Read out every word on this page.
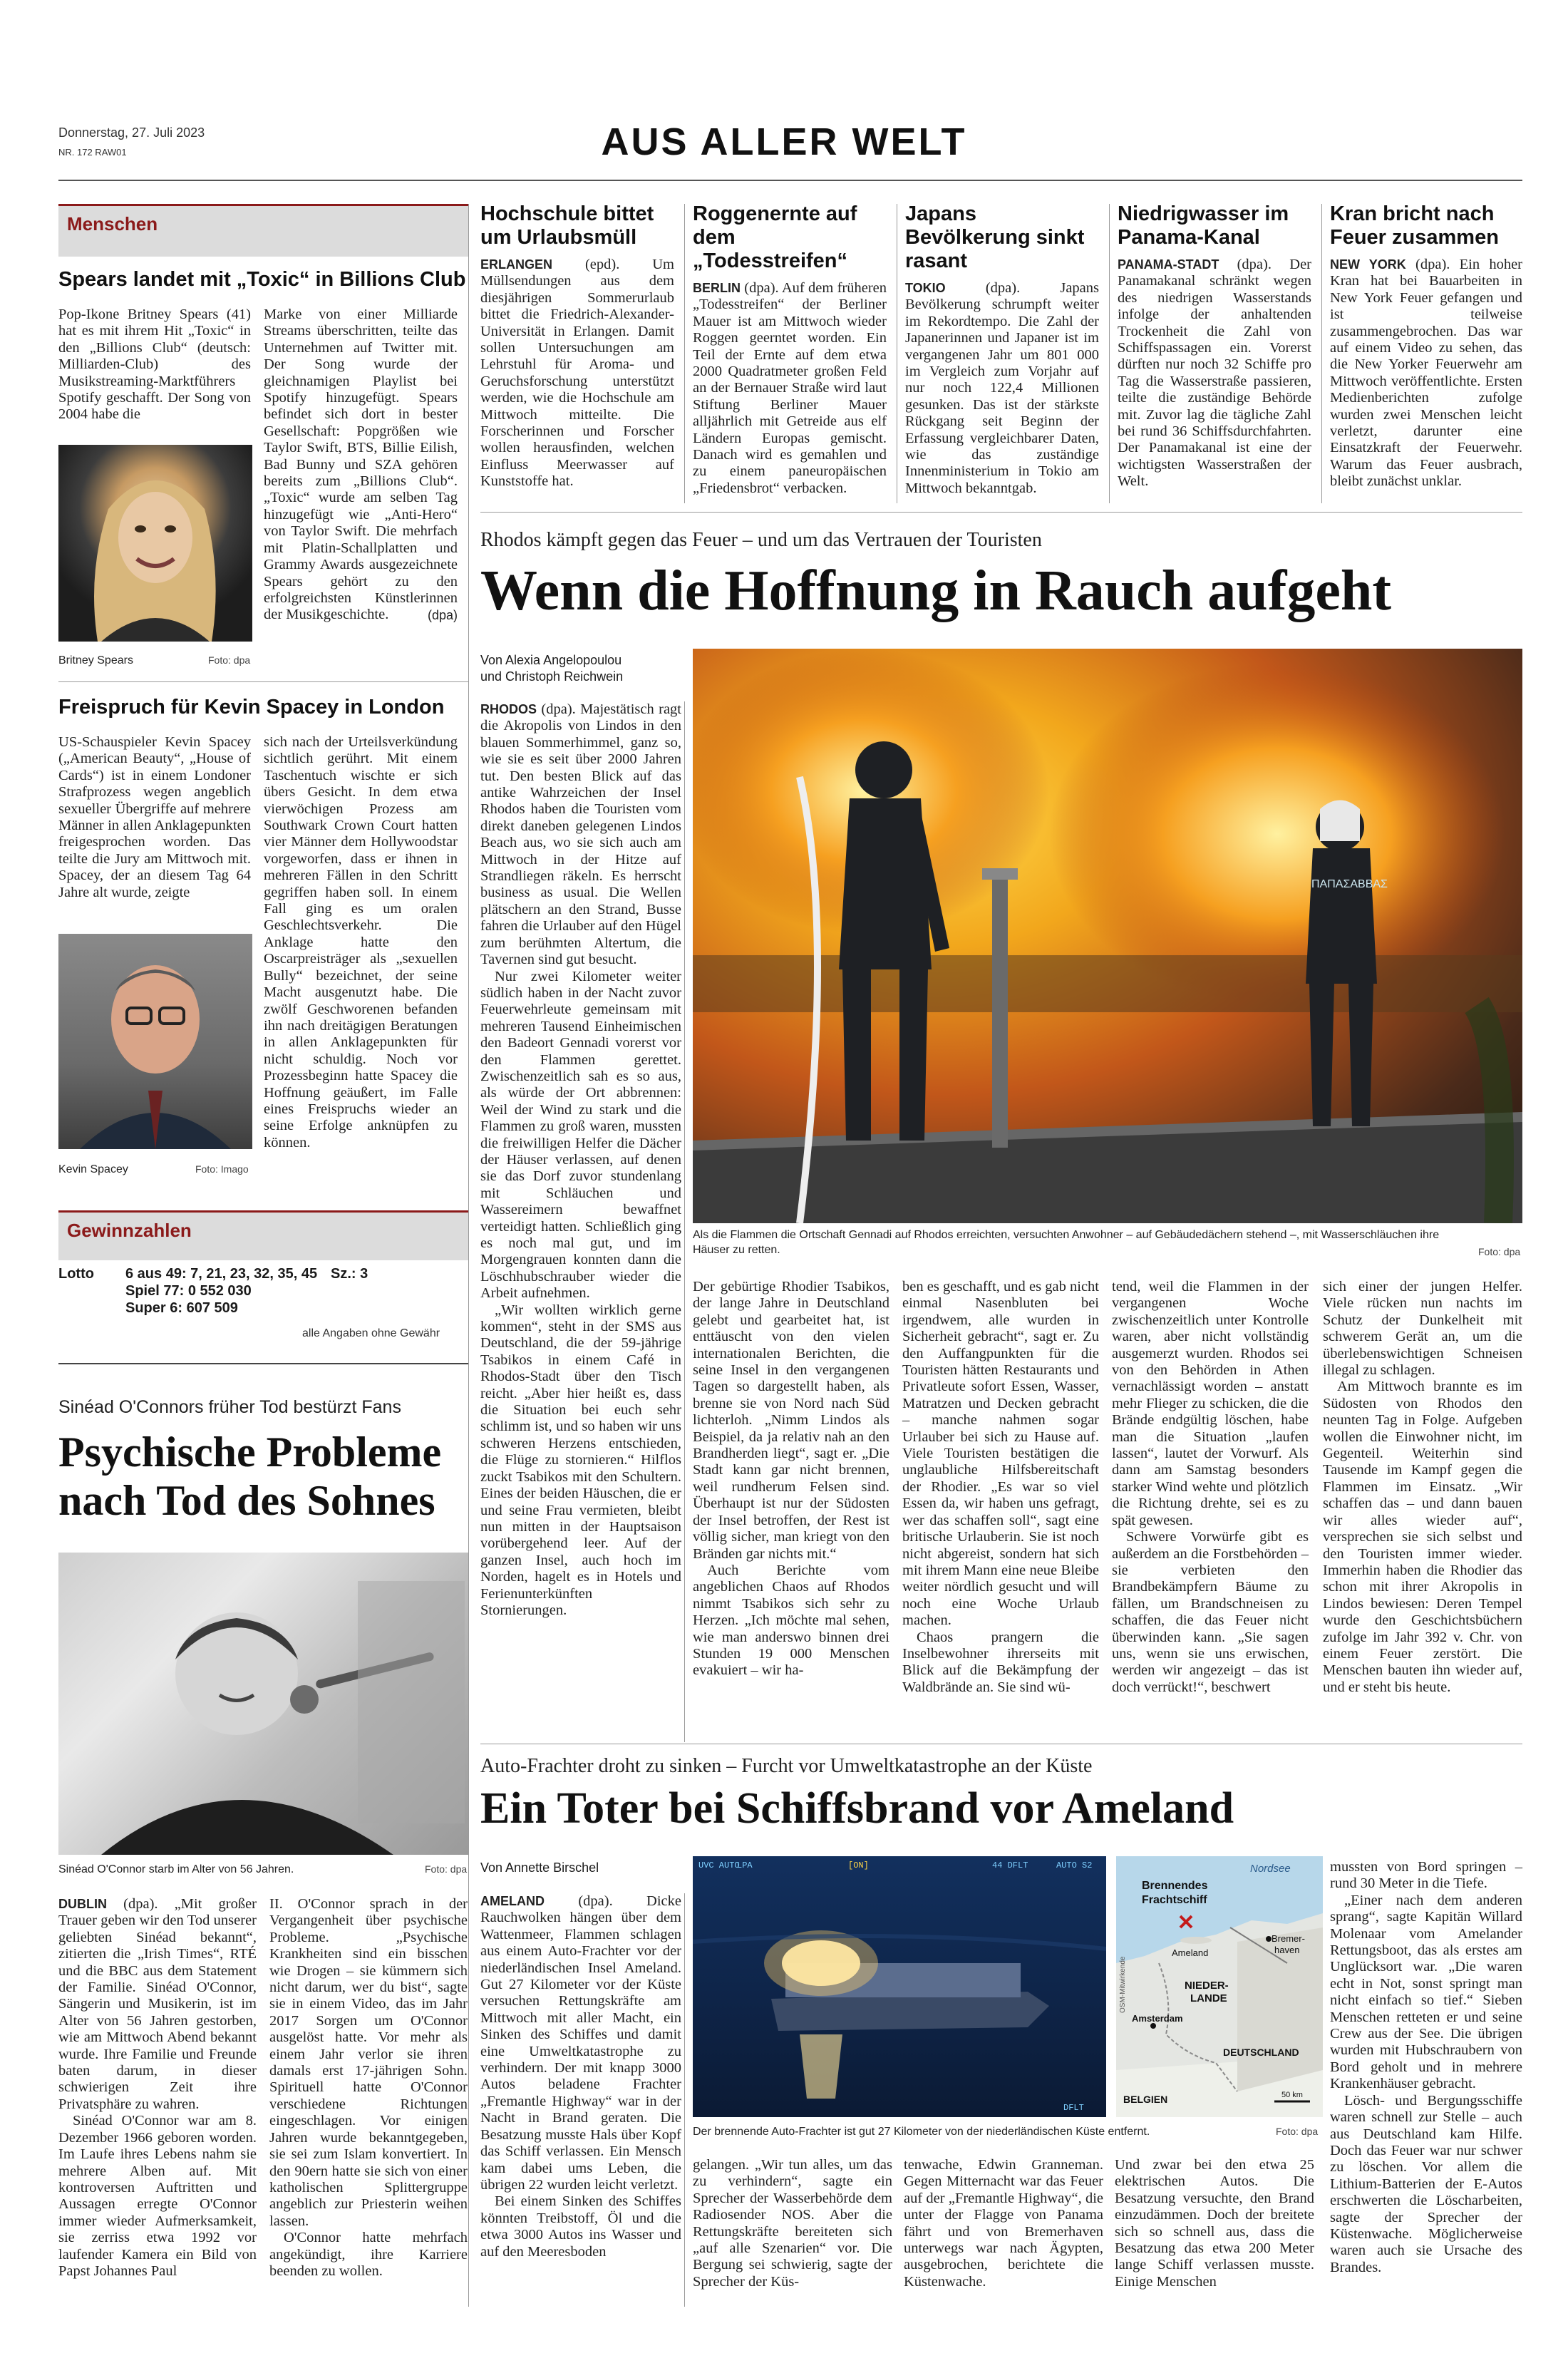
Donnerstag, 27. Juli 2023
NR. 172 RAW01	AUS ALLER WELT
Menschen
Spears landet mit „Toxic“ in Billions Club

Pop-Ikone Britney Spears (41) hat es mit ihrem Hit „Toxic“ in den „Billions Club“ (deutsch: Milliarden-Club) des Musikstreaming-Marktführers Spotify geschafft. Der Song von 2004 habe die

Marke von einer Milliarde Streams überschritten, teilte das Unternehmen auf Twitter mit. Der Song wurde der gleichnamigen Playlist bei Spotify hinzugefügt. Spears befindet sich dort in bester Gesellschaft: Popgrößen wie Taylor Swift, BTS, Billie Eilish, Bad Bunny und SZA gehören bereits zum „Billions Club“. „Toxic“ wurde am selben Tag hinzugefügt wie „Anti-Hero“ von Taylor Swift. Die mehrfach mit Platin-Schallplatten und Grammy Awards ausgezeichnete Spears gehört zu den erfolgreichsten Künstlerinnen der Musikgeschichte.	(dpa)
Britney Spears	Foto: dpa
Freispruch für Kevin Spacey in London

US-Schauspieler Kevin Spacey („American Beauty“, „House of Cards“) ist in einem Londoner Strafprozess wegen angeblich sexueller Übergriffe auf mehrere Männer in allen Anklagepunkten freigesprochen worden. Das teilte die Jury am Mittwoch mit. Spacey, der an diesem Tag 64 Jahre alt wurde, zeigte

sich nach der Urteilsverkündung sichtlich gerührt. Mit einem Taschentuch wischte er sich übers Gesicht. In dem etwa vierwöchigen Prozess am Southwark Crown Court hatten vier Männer dem Hollywoodstar vorgeworfen, dass er ihnen in mehreren Fällen in den Schritt gegriffen haben soll. In einem Fall ging es um oralen Geschlechtsverkehr. Die Anklage hatte den Oscarpreisträger als „sexuellen Bully“ bezeichnet, der seine Macht ausgenutzt habe. Die zwölf Geschworenen befanden ihn nach dreitägigen Beratungen in allen Anklagepunkten für nicht schuldig. Noch vor Prozessbeginn hatte Spacey die Hoffnung geäußert, im Falle eines Freispruchs wieder an seine Erfolge anknüpfen zu können.

Kevin Spacey	Foto: Imago
Gewinnzahlen
Lotto 6 aus 49: 7, 21, 23, 32, 35, 45 Sz.: 3
Spiel 77: 0 552 030
Super 6: 607 509
alle Angaben ohne Gewähr
Sinéad O'Connors früher Tod bestürzt Fans
Psychische Probleme
nach Tod des Sohnes
Sinéad O'Connor starb im Alter von 56 Jahren.	Foto: dpa

DUBLIN (dpa). „Mit großer Trauer geben wir den Tod unserer geliebten Sinéad bekannt“, zitierten die „Irish Times“, RTÉ und die BBC aus dem Statement der Familie. Sinéad O'Connor, Sängerin und Musikerin, ist im Alter von 56 Jahren gestorben, wie am Mittwoch Abend bekannt wurde. Ihre Familie und Freunde baten darum, in dieser schwierigen Zeit ihre Privatsphäre zu wahren.

Sinéad O'Connor war am 8. Dezember 1966 geboren worden. Im Laufe ihres Lebens nahm sie mehrere Alben auf. Mit kontroversen Auftritten und Aussagen erregte O'Connor immer wieder Aufmerksamkeit, sie zerriss etwa 1992 vor laufender Kamera ein Bild von Papst Johannes Paul

II. O'Connor sprach in der Vergangenheit über psychische Probleme. „Psychische Krankheiten sind ein bisschen wie Drogen – sie kümmern sich nicht darum, wer du bist“, sagte sie in einem Video, das im Jahr 2017 Sorgen um O'Connor ausgelöst hatte. Vor mehr als einem Jahr verlor sie ihren damals erst 17-jährigen Sohn. Spirituell hatte O'Connor verschiedene Richtungen eingeschlagen. Vor einigen Jahren wurde bekanntgegeben, sie sei zum Islam konvertiert. In den 90ern hatte sie sich von einer katholischen Splittergruppe angeblich zur Priesterin weihen lassen.

O'Connor hatte mehrfach angekündigt, ihre Karriere beenden zu wollen.

Hochschule bittet um Urlaubsmüll

ERLANGEN (epd). Um Müllsendungen aus dem diesjährigen Sommerurlaub bittet die Friedrich-Alexander-Universität in Erlangen. Damit sollen Untersuchungen am Lehrstuhl für Aroma- und Geruchsforschung unterstützt werden, wie die Hochschule am Mittwoch mitteilte. Die Forscherinnen und Forscher wollen herausfinden, welchen Einfluss Meerwasser auf Kunststoffe hat.

Roggenernte auf dem „Todesstreifen“

BERLIN (dpa). Auf dem früheren „Todesstreifen“ der Berliner Mauer ist am Mittwoch wieder Roggen geerntet worden. Ein Teil der Ernte auf dem etwa 2000 Quadratmeter großen Feld an der Bernauer Straße wird laut Stiftung Berliner Mauer alljährlich mit Getreide aus elf Ländern Europas gemischt. Danach wird es gemahlen und zu einem paneuropäischen „Friedensbrot“ verbacken.

Japans Bevölkerung sinkt rasant

TOKIO	(dpa). Japans Bevölkerung schrumpft weiter im Rekordtempo. Die Zahl der Japanerinnen und Japaner ist im vergangenen Jahr um 801 000 im Vergleich zum Vorjahr auf nur noch 122,4 Millionen gesunken. Das ist der stärkste Rückgang seit Beginn der Erfassung vergleichbarer Daten, wie das zuständige Innenministerium in Tokio am Mittwoch bekanntgab.

Niedrigwasser im Panama-Kanal

PANAMA-STADT (dpa). Der Panamakanal schränkt wegen des niedrigen Wasserstands infolge der anhaltenden Trockenheit die Zahl von Schiffspassagen ein. Vorerst dürften nur noch 32 Schiffe pro Tag die Wasserstraße passieren, teilte die zuständige Behörde mit. Zuvor lag die tägliche Zahl bei rund 36 Schiffsdurchfahrten. Der Panamakanal ist eine der wichtigsten Wasserstraßen der Welt.

Kran bricht nach Feuer zusammen

NEW YORK (dpa). Ein hoher Kran hat bei Bauarbeiten in New York Feuer gefangen und ist teilweise zusammengebrochen. Das war auf einem Video zu sehen, das die New Yorker Feuerwehr am Mittwoch veröffentlichte. Ersten Medienberichten zufolge wurden zwei Menschen leicht verletzt, darunter eine Einsatzkraft der Feuerwehr. Warum das Feuer ausbrach, bleibt zunächst unklar.

Rhodos kämpft gegen das Feuer – und um das Vertrauen der Touristen
Wenn die Hoffnung in Rauch aufgeht
Von Alexia Angelopoulou
und Christoph Reichwein

RHODOS (dpa). Majestätisch ragt die Akropolis von Lindos in den blauen Sommerhimmel, ganz so, wie sie es seit über 2000 Jahren tut. Den besten Blick auf das antike Wahrzeichen der Insel Rhodos haben die Touristen vom direkt daneben gelegenen Lindos Beach aus, wo sie sich auch am Mittwoch in der Hitze auf Strandliegen räkeln. Es herrscht business as usual. Die Wellen plätschern an den Strand, Busse fahren die Urlauber auf den Hügel zum berühmten Altertum, die Tavernen sind gut besucht.

Nur zwei Kilometer weiter südlich haben in der Nacht zuvor Feuerwehrleute gemeinsam mit mehreren Tausend Einheimischen den Badeort Gennadi vorerst vor den Flammen gerettet. Zwischenzeitlich sah es so aus, als würde der Ort abbrennen: Weil der Wind zu stark und die Flammen zu groß waren, mussten die freiwilligen Helfer die Dächer der Häuser verlassen, auf denen sie das Dorf zuvor stundenlang mit Schläuchen und Wassereimern bewaffnet verteidigt hatten. Schließlich ging es noch mal gut, und im Morgengrauen konnten dann die Löschhubschrauber wieder die Arbeit aufnehmen.

„Wir wollten wirklich gerne kommen“, steht in der SMS aus Deutschland, die der 59-jährige Tsabikos in einem Café in Rhodos-Stadt über den Tisch reicht. „Aber hier heißt es, dass die Situation bei euch sehr schlimm ist, und so haben wir uns schweren Herzens entschieden, die Flüge zu stornieren.“ Hilflos zuckt Tsabikos mit den Schultern. Eines der beiden Häuschen, die er und seine Frau vermieten, bleibt nun mitten in der Hauptsaison vorübergehend leer. Auf der ganzen Insel, auch hoch im Norden, hagelt es in Hotels und Ferienunterkünften Stornierungen.

ΠΑΠΑΣΑΒΒΑΣ
Als die Flammen die Ortschaft Gennadi auf Rhodos erreichten, versuchten Anwohner – auf Gebäudedächern stehend –, mit Wasserschläuchen ihre Häuser zu retten.	Foto: dpa

Der gebürtige Rhodier Tsabikos, der lange Jahre in Deutschland gelebt und gearbeitet hat, ist enttäuscht von den vielen internationalen Berichten, die seine Insel in den vergangenen Tagen so dargestellt haben, als brenne sie von Nord nach Süd lichterloh. „Nimm Lindos als Beispiel, da ja relativ nah an den Brandherden liegt“, sagt er. „Die Stadt kann gar nicht brennen, weil rundherum Felsen sind. Überhaupt ist nur der Südosten der Insel betroffen, der Rest ist völlig sicher, man kriegt von den Bränden gar nichts mit.“

Auch Berichte vom angeblichen Chaos auf Rhodos nimmt Tsabikos sich sehr zu Herzen. „Ich möchte mal sehen, wie man anderswo binnen drei Stunden 19 000 Menschen evakuiert – wir ha-

ben es geschafft, und es gab nicht einmal Nasenbluten bei irgendwem, alle wurden in Sicherheit gebracht“, sagt er. Zu den Auffangpunkten für die Touristen hätten Restaurants und Privatleute sofort Essen, Wasser, Matratzen und Decken gebracht – manche nahmen sogar Urlauber bei sich zu Hause auf. Viele Touristen bestätigen die unglaubliche Hilfsbereitschaft der Rhodier. „Es war so viel Essen da, wir haben uns gefragt, wer das schaffen soll“, sagt eine britische Urlauberin. Sie ist noch nicht abgereist, sondern hat sich mit ihrem Mann eine neue Bleibe weiter nördlich gesucht und will noch eine Woche Urlaub machen.

Chaos prangern die Inselbewohner ihrerseits mit Blick auf die Bekämpfung der Waldbrände an. Sie sind wü-

tend, weil die Flammen in der vergangenen Woche zwischenzeitlich unter Kontrolle waren, aber nicht vollständig ausgemerzt wurden. Rhodos sei von den Behörden in Athen vernachlässigt worden – anstatt mehr Flieger zu schicken, die die Brände endgültig löschen, habe man die Situation „laufen lassen“, lautet der Vorwurf. Als dann am Samstag besonders starker Wind wehte und plötzlich die Richtung drehte, sei es zu spät gewesen.

Schwere Vorwürfe gibt es außerdem an die Forstbehörden – sie verbieten den Brandbekämpfern Bäume zu fällen, um Brandschneisen zu schaffen, die das Feuer nicht überwinden kann. „Sie sagen uns, wenn sie uns erwischen, werden wir angezeigt – das ist doch verrückt!“, beschwert

sich einer der jungen Helfer. Viele rücken nun nachts im Schutz der Dunkelheit mit schwerem Gerät an, um die überlebenswichtigen Schneisen illegal zu schlagen.

Am Mittwoch brannte es im Südosten von Rhodos den neunten Tag in Folge. Aufgeben wollen die Einwohner nicht, im Gegenteil. Weiterhin sind Tausende im Kampf gegen die Flammen im Einsatz. „Wir schaffen das – und dann bauen wir alles wieder auf“, versprechen sie sich selbst und den Touristen immer wieder. Immerhin haben die Rhodier das schon mit ihrer Akropolis in Lindos bewiesen: Deren Tempel wurde den Geschichtsbüchern zufolge im Jahr 392 v. Chr. von einem Feuer zerstört. Die Menschen bauten ihn wieder auf, und er steht bis heute.

Auto-Frachter droht zu sinken – Furcht vor Umweltkatastrophe an der Küste
Ein Toter bei Schiffsbrand vor Ameland
Von Annette Birschel

AMELAND (dpa). Dicke Rauchwolken hängen über dem Wattenmeer, Flammen schlagen aus einem Auto-Frachter vor der niederländischen Insel Ameland. Gut 27 Kilometer vor der Küste versuchen Rettungskräfte am Mittwoch mit aller Macht, ein Sinken des Schiffes und damit eine Umweltkatastrophe zu verhindern. Der mit knapp 3000 Autos beladene Frachter „Fremantle Highway“ war in der Nacht in Brand geraten. Die Besatzung musste Hals über Kopf das Schiff verlassen. Ein Mensch kam dabei ums Leben, die übrigen 22 wurden leicht verletzt.

Bei einem Sinken des Schiffes könnten Treibstoff, Öl und die etwa 3000 Autos ins Wasser und auf den Meeresboden

UVC AUTO
LPA	[ON]	44 DFLT	AUTO S2
DFLT
Nordsee
Brennendes
Frachtschiff
Ameland
Bremer-
haven
NIEDER-
LANDE
Amsterdam
DEUTSCHLAND
BELGIEN	50 km
OSM-Mitwirkende
Der brennende Auto-Frachter ist gut 27 Kilometer von der niederländischen Küste entfernt.	Foto: dpa

gelangen. „Wir tun alles, um das zu verhindern“, sagte ein Sprecher der Wasserbehörde dem Radiosender NOS. Aber die Rettungskräfte bereiteten sich „auf alle Szenarien“ vor. Die Bergung sei schwierig, sagte der Sprecher der Küs-

tenwache, Edwin Granneman. Gegen Mitternacht war das Feuer auf der „Fremantle Highway“, die unter der Flagge von Panama fährt und von Bremerhaven unterwegs war nach Ägypten, ausgebrochen, berichtete die Küstenwache.

Und zwar bei den etwa 25 elektrischen Autos. Die Besatzung versuchte, den Brand einzudämmen. Doch der breitete sich so schnell aus, dass die Besatzung das etwa 200 Meter lange Schiff verlassen musste. Einige Menschen

mussten von Bord springen – rund 30 Meter in die Tiefe.

„Einer nach dem anderen sprang“, sagte Kapitän Willard Molenaar vom Amelander Rettungsboot, das als erstes am Unglücksort war. „Die waren echt in Not, sonst springt man nicht einfach so tief.“ Sieben Menschen retteten er und seine Crew aus der See. Die übrigen wurden mit Hubschraubern von Bord geholt und in mehrere Krankenhäuser gebracht.

Lösch- und Bergungsschiffe waren schnell zur Stelle – auch aus Deutschland kam Hilfe. Doch das Feuer war nur schwer zu löschen. Vor allem die Lithium-Batterien der E-Autos erschwerten die Löscharbeiten, sagte der Sprecher der Küstenwache. Möglicherweise waren auch sie Ursache des Brandes.
